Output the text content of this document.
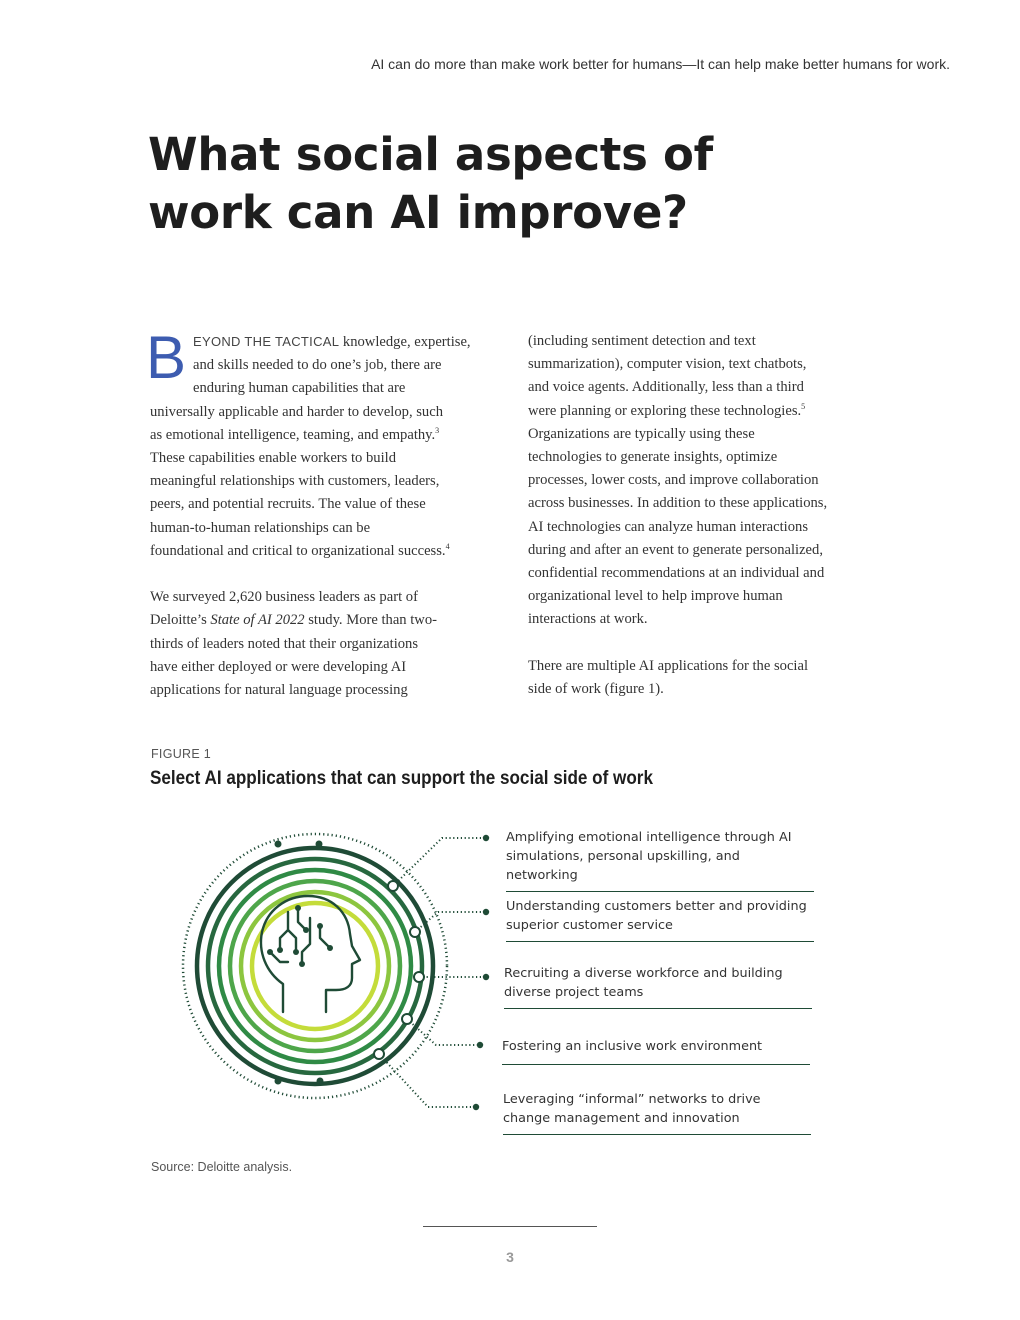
AI can do more than make work better for humans—It can help make better humans for work.
What social aspects of
work can AI improve?
B EYOND THE TACTICAL knowledge, expertise,
and skills needed to do one’s job, there are
enduring human capabilities that are
universally applicable and harder to develop, such
as emotional intelligence, teaming, and empathy.$^3$
These capabilities enable workers to build
meaningful relationships with customers, leaders,
peers, and potential recruits. The value of these
human-to-human relationships can be
foundational and critical to organizational success.$^4$

We surveyed 2,620 business leaders as part of
Deloitte’s State of AI 2022 study. More than two-
thirds of leaders noted that their organizations
have either deployed or were developing AI
applications for natural language processing

(including sentiment detection and text
summarization), computer vision, text chatbots,
and voice agents. Additionally, less than a third
were planning or exploring these technologies.$^5$
Organizations are typically using these
technologies to generate insights, optimize
processes, lower costs, and improve collaboration
across businesses. In addition to these applications,
AI technologies can analyze human interactions
during and after an event to generate personalized,
confidential recommendations at an individual and
organizational level to help improve human
interactions at work.

There are multiple AI applications for the social
side of work (figure 1).

FIGURE 1
Select AI applications that can support the social side of work
Amplifying emotional intelligence through AI simulations, personal upskilling, and networking
Understanding customers better and providing superior customer service
Recruiting a diverse workforce and building diverse project teams
Fostering an inclusive work environment
Leveraging “informal” networks to drive change management and innovation
Source: Deloitte analysis.
3
